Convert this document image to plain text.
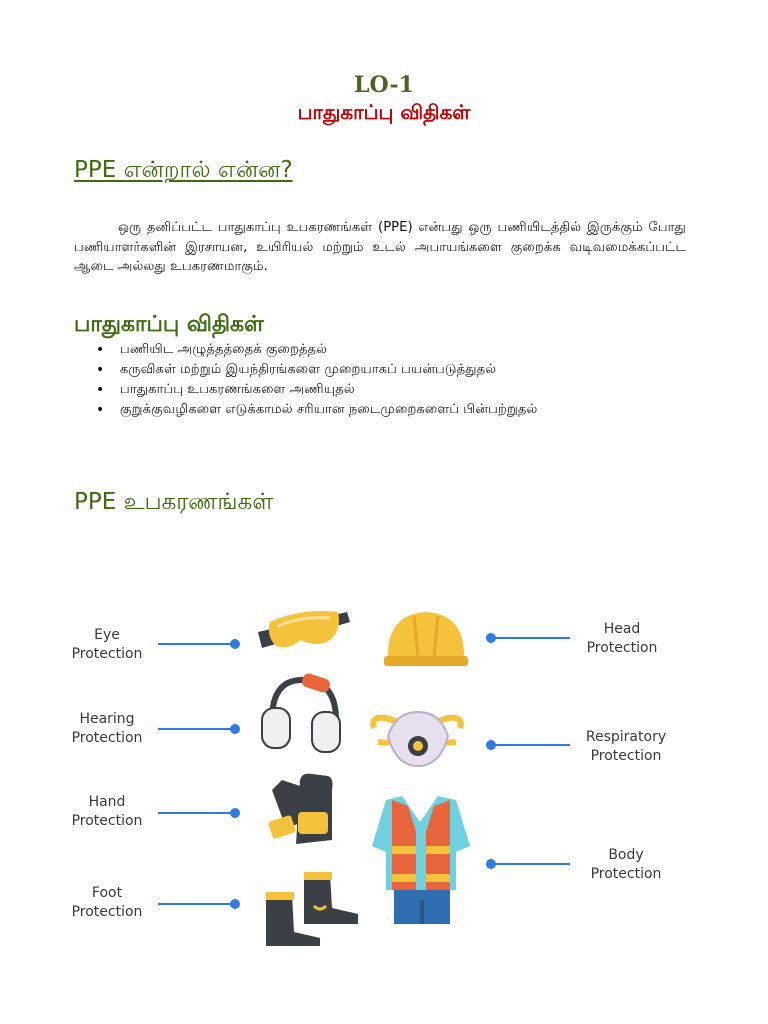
LO-1
பாதுகாப்பு விதிகள்
PPE என்றால் என்ன?
ஒரு தனிப்பட்ட பாதுகாப்பு உபகரணங்கள் (PPE) என்பது ஒரு பணியிடத்தில் இருக்கும் போது பணியாளர்களின் இரசாயன, உயிரியல் மற்றும் உடல் அபாயங்களை குறைக்க வடிவமைக்கப்பட்ட ஆடை அல்லது உபகரணமாகும்.
பாதுகாப்பு விதிகள்
• பணியிட அழுத்தத்தைக் குறைத்தல்
• கருவிகள் மற்றும் இயந்திரங்களை முறையாகப் பயன்படுத்துதல்
• பாதுகாப்பு உபகரணங்களை அணியுதல்
• குறுக்குவழிகளை எடுக்காமல் சரியான நடைமுறைகளைப் பின்பற்றுதல்
PPE உபகரணங்கள்
Eye
Protection
Hearing
Protection
Hand
Protection
Foot
Protection
Head
Protection
Respiratory
Protection
Body
Protection
